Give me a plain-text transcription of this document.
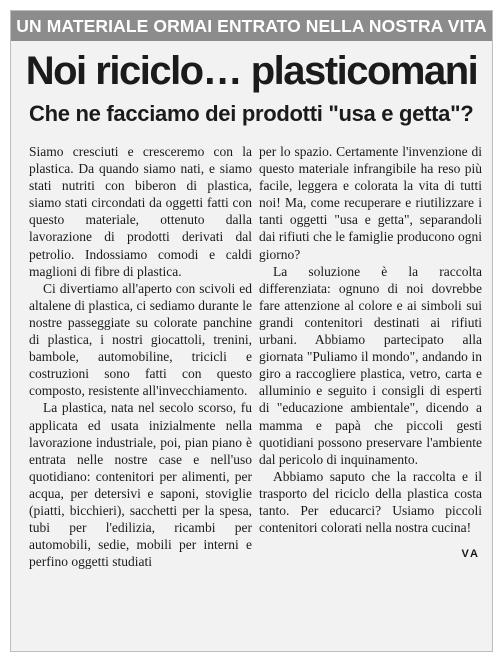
UN MATERIALE ORMAI ENTRATO NELLA NOSTRA VITA
Noi riciclo… plasticomani
Che ne facciamo dei prodotti "usa e getta"?

Siamo cresciuti e cresceremo con la plastica. Da quando siamo nati, e siamo stati nutriti con biberon di plastica, siamo stati circondati da oggetti fatti con questo materiale, ottenuto dalla lavorazione di prodotti derivati dal petrolio. Indossiamo comodi e caldi maglioni di fibre di plastica.

Ci divertiamo all'aperto con scivoli ed altalene di plastica, ci sediamo durante le nostre passeggiate su colorate panchine di plastica, i nostri giocattoli, trenini, bambole, automobiline, tricicli e costruzioni sono fatti con questo composto, resistente all'invecchiamento.

La plastica, nata nel secolo scorso, fu applicata ed usata inizialmente nella lavorazione industriale, poi, pian piano è entrata nelle nostre case e nell'uso quotidiano: contenitori per alimenti, per acqua, per detersivi e saponi, stoviglie (piatti, bicchieri), sacchetti per la spesa, tubi per l'edilizia, ricambi per automobili, sedie, mobili per interni e perfino oggetti studiati

per lo spazio. Certamente l'invenzione di questo materiale infrangibile ha reso più facile, leggera e colorata la vita di tutti noi! Ma, come recuperare e riutilizzare i tanti oggetti "usa e getta", separandoli dai rifiuti che le famiglie producono ogni giorno?

La soluzione è la raccolta differenziata: ognuno di noi dovrebbe fare attenzione al colore e ai simboli sui grandi contenitori destinati ai rifiuti urbani. Abbiamo partecipato alla giornata "Puliamo il mondo", andando in giro a raccogliere plastica, vetro, carta e alluminio e seguito i consigli di esperti di "educazione ambientale", dicendo a mamma e papà che piccoli gesti quotidiani possono preservare l'ambiente dal pericolo di inquinamento.

Abbiamo saputo che la raccolta e il trasporto del riciclo della plastica costa tanto. Per educarci? Usiamo piccoli contenitori colorati nella nostra cucina!

VA
